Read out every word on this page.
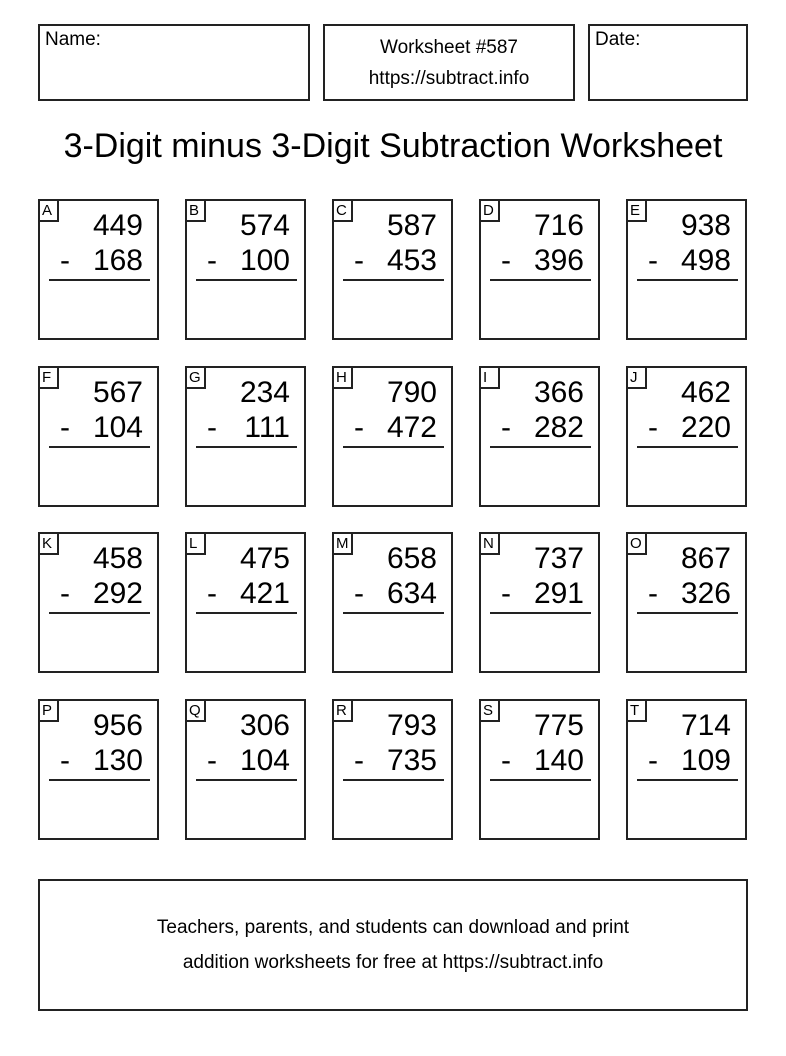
Name:	Worksheet #587
https://subtract.info
Date:
3-Digit minus 3-Digit Subtraction Worksheet
A 449
- 168
B 574
- 100
C 587
- 453
D 716
- 396
E 938
- 498
F 567
- 104
G 234
- 111
H 790
- 472
I	366
- 282
J	462
- 220
K 458
- 292
L 475
- 421
M 658
- 634
N 737
- 291
O 867
- 326
P 956
- 130
Q 306
- 104
R 793
- 735
S 775
- 140
T 714
- 109
Teachers, parents, and students can download and print
addition worksheets for free at https://subtract.info
